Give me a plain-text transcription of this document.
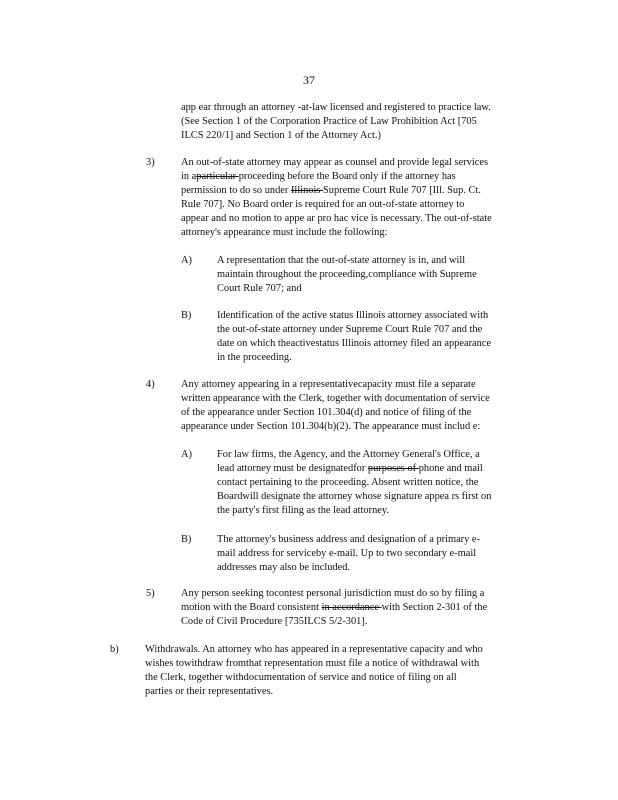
37

app ear through an attorney -at-law licensed and registered to practice law.

(See Section 1 of the Corporation Practice of Law Prohibition Act [705

ILCS 220/1] and Section 1 of the Attorney Act.)

3)	An out-of-state attorney may appear as counsel and provide legal services

in aparticular proceeding before the Board only if the attorney has

permission to do so under Illinois Supreme Court Rule 707 [Ill. Sup. Ct.

Rule 707]. No Board order is required for an out-of-state attorney to

appear and no motion to appe ar pro hac vice is necessary. The out-of-state

attorney's appearance must include the following:

A) A representation that the out-of-state attorney is in, and will

maintain throughout the proceeding,compliance with Supreme

Court Rule 707; and

B) Identification of the active status Illinois attorney associated with

the out-of-state attorney under Supreme Court Rule 707 and the

date on which theactivestatus Illinois attorney filed an appearance

in the proceeding.

4)	Any attorney appearing in a representativecapacity must file a separate

written appearance with the Clerk, together with documentation of service

of the appearance under Section 101.304(d) and notice of filing of the

appearance under Section 101.304(b)(2). The appearance must includ e:

A) For law firms, the Agency, and the Attorney General's Office, a

lead attorney must be designatedfor purposes of phone and mail

contact pertaining to the proceeding. Absent written notice, the

Boardwill designate the attorney whose signature appea rs first on

the party's first filing as the lead attorney.

B) The attorney's business address and designation of a primary e-

mail address for serviceby e-mail. Up to two secondary e-mail

addresses may also be included.

5)	Any person seeking tocontest personal jurisdiction must do so by filing a

motion with the Board consistent in accordance with Section 2-301 of the

Code of Civil Procedure [735ILCS 5/2-301].

b)	Withdrawals. An attorney who has appeared in a representative capacity and who

wishes towithdraw fromthat representation must file a notice of withdrawal with

the Clerk, together withdocumentation of service and notice of filing on all

parties or their representatives.
